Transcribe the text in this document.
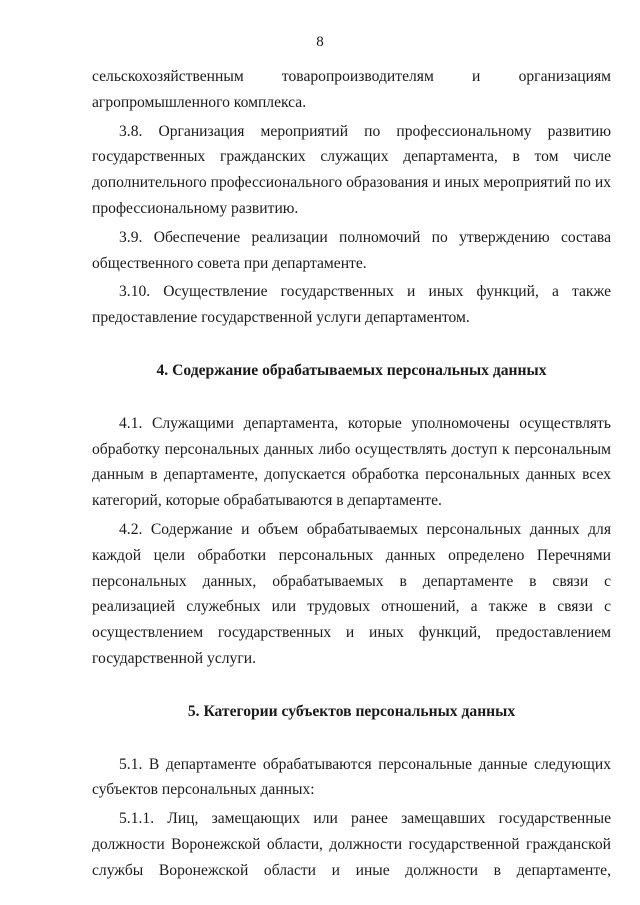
8

сельскохозяйственным товаропроизводителям и организациям агропромышленного комплекса.

3.8. Организация мероприятий по профессиональному развитию государственных гражданских служащих департамента, в том числе дополнительного профессионального образования и иных мероприятий по их профессиональному развитию.

3.9. Обеспечение реализации полномочий по утверждению состава общественного совета при департаменте.

3.10. Осуществление государственных и иных функций, а также предоставление государственной услуги департаментом.

4. Содержание обрабатываемых персональных данных

4.1. Служащими департамента, которые уполномочены осуществлять обработку персональных данных либо осуществлять доступ к персональным данным в департаменте, допускается обработка персональных данных всех категорий, которые обрабатываются в департаменте.

4.2. Содержание и объем обрабатываемых персональных данных для каждой цели обработки персональных данных определено Перечнями персональных данных, обрабатываемых в департаменте в связи с реализацией служебных или трудовых отношений, а также в связи с осуществлением государственных и иных функций, предоставлением государственной услуги.

5. Категории субъектов персональных данных

5.1. В департаменте обрабатываются персональные данные следующих субъектов персональных данных:

5.1.1. Лиц, замещающих или ранее замещавших государственные должности Воронежской области, должности государственной гражданской службы Воронежской области и иные должности в департаменте,
